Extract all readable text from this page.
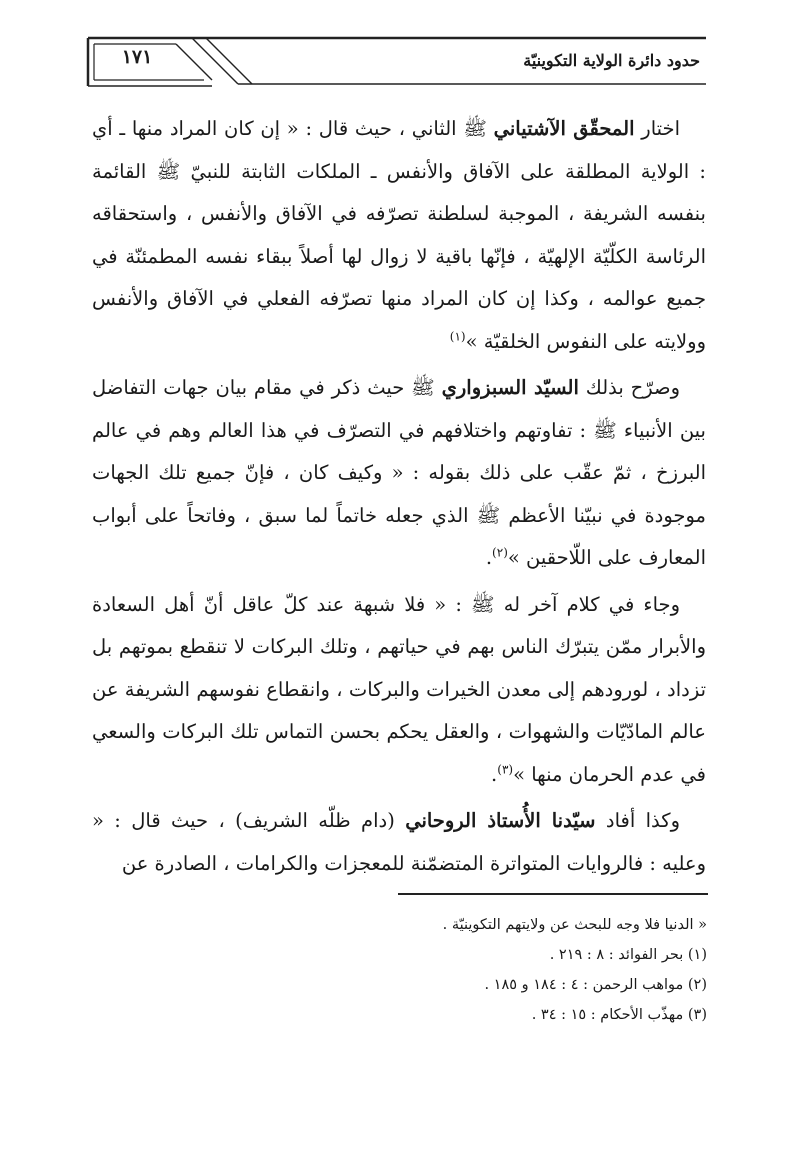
١٧١	حدود دائرة الولاية التكوينيّة

اختار المحقّق الآشتياني ﷺ الثاني ، حيث قال : « إن كان المراد منها ـ أي : الولاية المطلقة على الآفاق والأنفس ـ الملكات الثابتة للنبيّ ﷺ القائمة بنفسه الشريفة ، الموجبة لسلطنة تصرّفه في الآفاق والأنفس ، واستحقاقه الرئاسة الكلّيّة الإلهيّة ، فإنّها باقية لا زوال لها أصلاً ببقاء نفسه المطمئنّة في جميع عوالمه ، وكذا إن كان المراد منها تصرّفه الفعلي في الآفاق والأنفس وولايته على النفوس الخلقيّة »$^{(١)}$

وصرّح بذلك السيّد السبزواري ﷺ حيث ذكر في مقام بيان جهات التفاضل بين الأنبياء ﷺ : تفاوتهم واختلافهم في التصرّف في هذا العالم وهم في عالم البرزخ ، ثمّ عقّب على ذلك بقوله : « وكيف كان ، فإنّ جميع تلك الجهات موجودة في نبيّنا الأعظم ﷺ الذي جعله خاتماً لما سبق ، وفاتحاً على أبواب المعارف على اللّاحقين »$^{(٢)}$.

وجاء في كلام آخر له ﷺ : « فلا شبهة عند كلّ عاقل أنّ أهل السعادة والأبرار ممّن يتبرّك الناس بهم في حياتهم ، وتلك البركات لا تنقطع بموتهم بل تزداد ، لورودهم إلى معدن الخيرات والبركات ، وانقطاع نفوسهم الشريفة عن عالم المادّيّات والشهوات ، والعقل يحكم بحسن التماس تلك البركات والسعي في عدم الحرمان منها »$^{(٣)}$.

وكذا أفاد سيّدنا الأُستاذ الروحاني (دام ظلّه الشريف) ، حيث قال : « وعليه : فالروايات المتواترة المتضمّنة للمعجزات والكرامات ، الصادرة عن

« الدنيا فلا وجه للبحث عن ولايتهم التكوينيّة .
(١) بحر الفوائد : ٨ : ٢١٩ .
(٢) مواهب الرحمن : ٤ : ١٨٤ و ١٨٥ .
(٣) مهذّب الأحكام : ١٥ : ٣٤ .
